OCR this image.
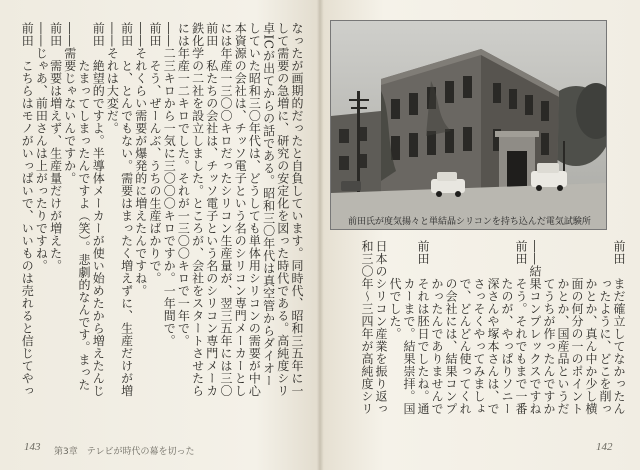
なったが画期的だったと自負しています。同時代、昭和三五年に一
して需要の急増に、研究の安定化を図った時代である。高純度シリ
卓ICが出てからの話である。昭和三〇年代は真空管からダイオー
していた昭和三〇年代は、どうしても単体用シリコンの需要が中心
本資源の会社は、チッソ電子という名のシリコン専門メーカーとし
には年産一三〇〇キロだったシリコン生産量が、翌三五年には三〇
前田　私たちの会社は、チッソ電子という名のシリコン専門メーカ
鉄化学の二社を設立しました。ところが、会社をスタートさせたら
には年産一二キロでした。それが一三〇〇キロで一年で。
――二三キロから一気に三〇〇〇キロですか。一年間で。
前田　そう、ぜーんぶ、うちの生産ばかりで。
――それくらい需要が爆発的に増えたんですね。
前田　と、とんでもない。需要はまったく増えずに、生産だけが増
――それは大変だ。
前田　絶望的ですよ。半導体メーカーが使い始めたから増えたんじ
　　　たまってしまったんですよ（笑）。悲劇的なんです。まった
――需要じゃないんですか。
前田　需要は増えず、生産量だけが増えた。
――じゃあ、前田さんは上がったりですね。
前田　こちらはモノがいっぱいで、いいものは売れると信じてやっ
143 第3章　テレビが時代の幕を切った
前田　まだ確立してなかったん
　　　ったように、どこを削っ
　　　かとか、真ん中か少し横
　　　面の何分の一のポイント
　　　かとか、国産品というだ
　　　てうちが作ったんですか
――結果コンプレックスですね
前田　そう。それでもまで一番
　　　たのが、やっぱりソニー
　　　深さんや塚本さんは、で
　　　さっそくやってみましょ
　　　で、どんどん使ってくれ
　　　の会社には、結果コンプ
　　　かったんでありませんで
前田　それは胚日でしたね。通
　　　カーまで。結果崇拝。国
　　　代でした。
日本のシリコン産業を振り返っ
和三〇年〜三四年が高純度シリ
142
前田氏が度気揚々と単結晶シリコンを持ち込んだ電気試験所
